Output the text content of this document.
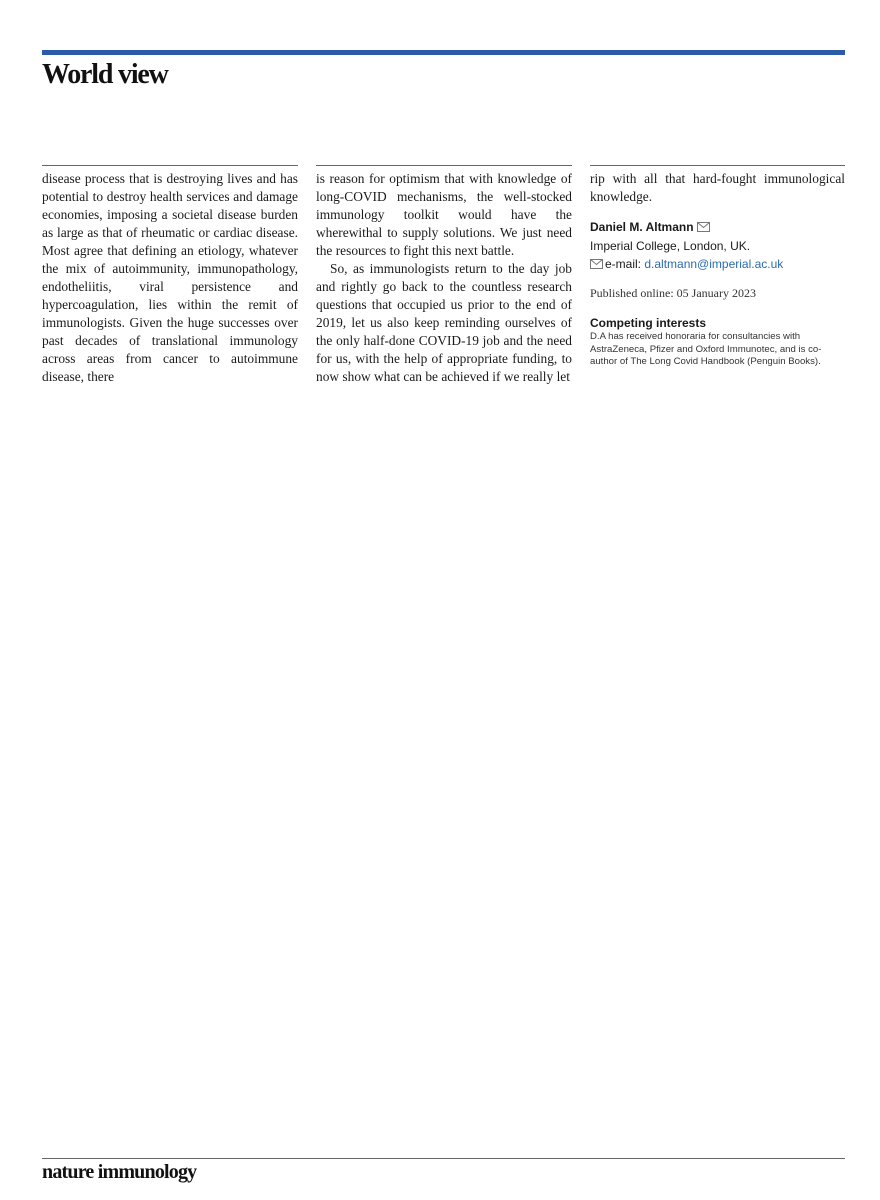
World view

disease process that is destroying lives and has potential to destroy health services and damage economies, imposing a societal disease burden as large as that of rheumatic or cardiac disease. Most agree that defining an etiology, whatever the mix of autoimmunity, immunopathology, endotheliitis, viral persistence and hypercoagulation, lies within the remit of immunologists. Given the huge successes over past decades of translational immunology across areas from cancer to autoimmune disease, there

is reason for optimism that with knowledge of long-COVID mechanisms, the well-stocked immunology toolkit would have the wherewithal to supply solutions. We just need the resources to fight this next battle.

So, as immunologists return to the day job and rightly go back to the countless research questions that occupied us prior to the end of 2019, let us also keep reminding ourselves of the only half-done COVID-19 job and the need for us, with the help of appropriate funding, to now show what can be achieved if we really let

rip with all that hard-fought immunological knowledge.

Daniel M. Altmann
Imperial College, London, UK.
e-mail: d.altmann@imperial.ac.uk
Published online: 05 January 2023
Competing interests
D.A has received honoraria for consultancies with AstraZeneca, Pfizer and Oxford Immunotec, and is co-author of The Long Covid Handbook (Penguin Books).
nature immunology
